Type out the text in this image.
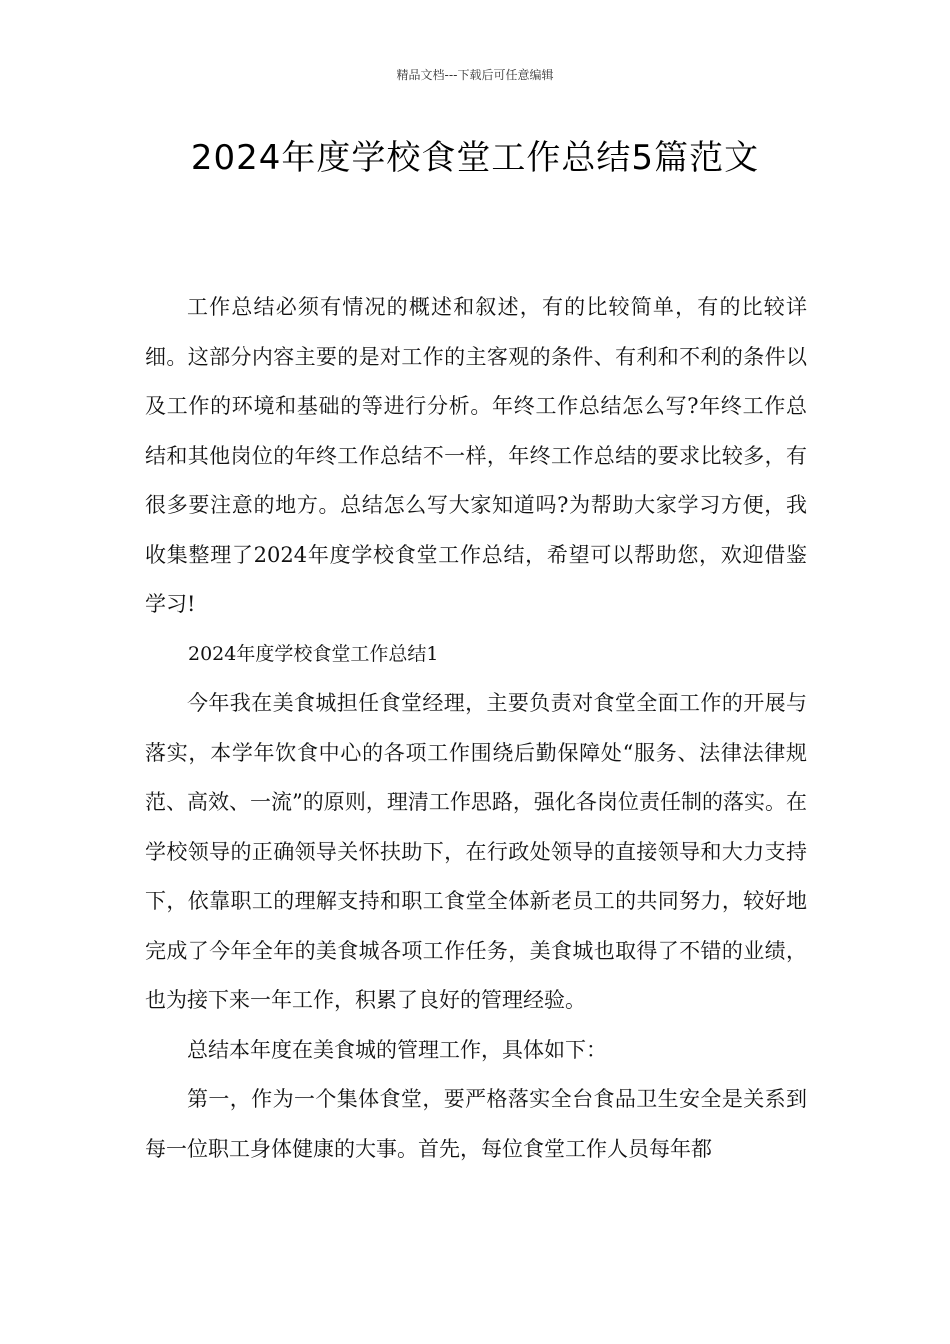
精品文档---下载后可任意编辑
2024年度学校食堂工作总结5篇范文

工作总结必须有情况的概述和叙述，有的比较简单，有的比较详细。这部分内容主要的是对工作的主客观的条件、有利和不利的条件以及工作的环境和基础的等进行分析。年终工作总结怎么写?年终工作总结和其他岗位的年终工作总结不一样，年终工作总结的要求比较多，有很多要注意的地方。总结怎么写大家知道吗?为帮助大家学习方便，我收集整理了2024年度学校食堂工作总结，希望可以帮助您，欢迎借鉴学习!

2024年度学校食堂工作总结1

今年我在美食城担任食堂经理，主要负责对食堂全面工作的开展与落实，本学年饮食中心的各项工作围绕后勤保障处“服务、法律法律规范、高效、一流”的原则，理清工作思路，强化各岗位责任制的落实。在学校领导的正确领导关怀扶助下，在行政处领导的直接领导和大力支持下，依靠职工的理解支持和职工食堂全体新老员工的共同努力，较好地完成了今年全年的美食城各项工作任务，美食城也取得了不错的业绩，也为接下来一年工作，积累了良好的管理经验。

总结本年度在美食城的管理工作，具体如下：

第一，作为一个集体食堂，要严格落实全台食品卫生安全是关系到每一位职工身体健康的大事。首先，每位食堂工作人员每年都
